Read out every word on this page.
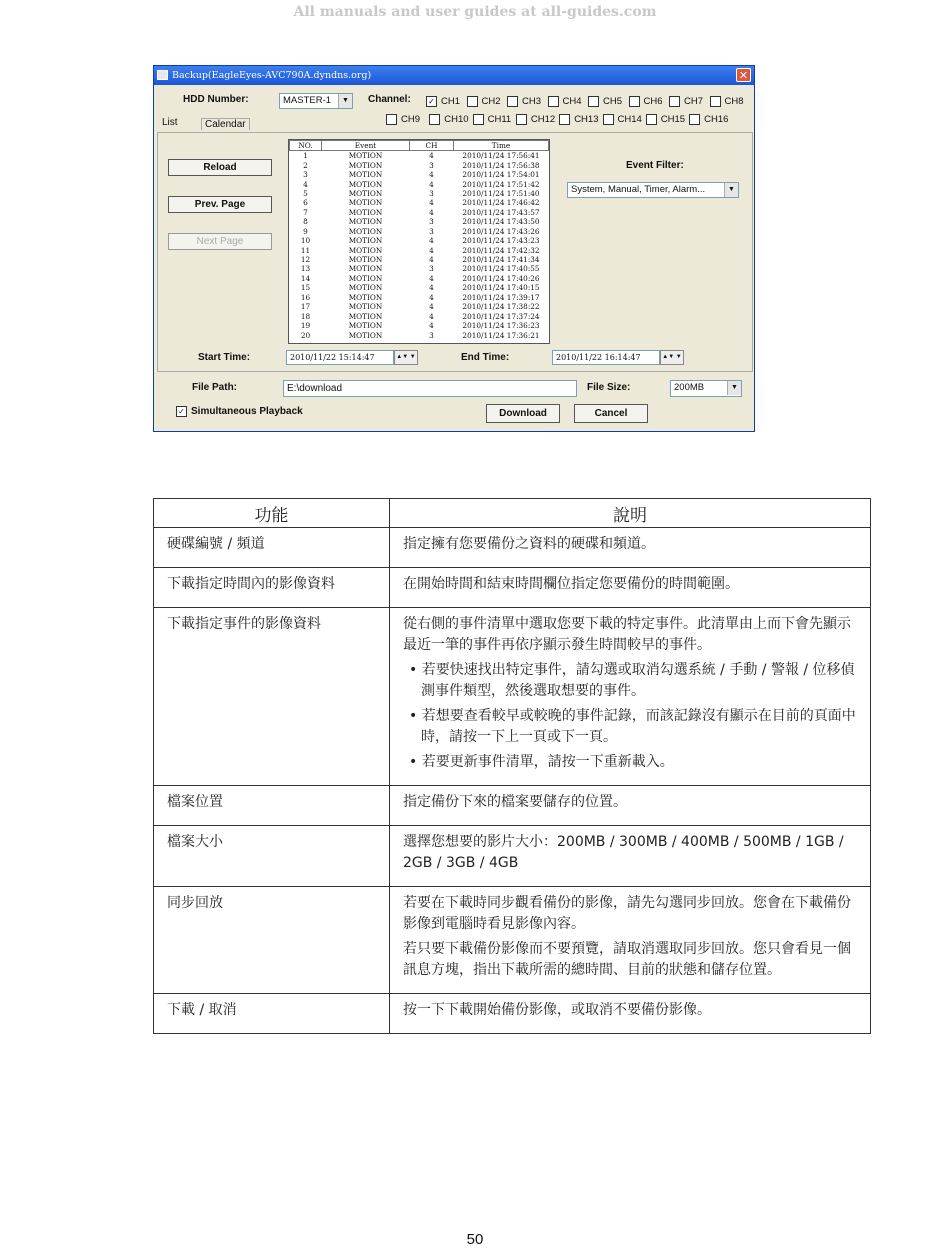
All manuals and user guides at all-guides.com
Backup(EagleEyes-AVC790A.dyndns.org)	✕
HDD Number:	MASTER-1	▼	Channel: ✓ CH1 CH2 CH3 CH4 CH5 CH6 CH7 CH8
CH9	CH10 CH11 CH12 CH13 CH14 CH15 CH16
List	Calendar
Reload
Prev. Page
Next Page
NO.	Event	CH	Time
1	MOTION	4	2010/11/24 17:56:41
2	MOTION	3	2010/11/24 17:56:38
3	MOTION	4	2010/11/24 17:54:01
4	MOTION	4	2010/11/24 17:51:42
5	MOTION	3	2010/11/24 17:51:40
6	MOTION	4	2010/11/24 17:46:42
7	MOTION	4	2010/11/24 17:43:57
8	MOTION	3	2010/11/24 17:43:50
9	MOTION	3	2010/11/24 17:43:26
10	MOTION	4	2010/11/24 17:43:23
11	MOTION	4	2010/11/24 17:42:32
12	MOTION	4	2010/11/24 17:41:34
13	MOTION	3	2010/11/24 17:40:55
14	MOTION	4	2010/11/24 17:40:26
15	MOTION	4	2010/11/24 17:40:15
16	MOTION	4	2010/11/24 17:39:17
17	MOTION	4	2010/11/24 17:38:22
18	MOTION	4	2010/11/24 17:37:24
19	MOTION	4	2010/11/24 17:36:23
20	MOTION	3	2010/11/24 17:36:21
Event Filter:
System, Manual, Timer, Alarm...	▼
Start Time:	2010/11/22 15:14:47	▲▼ ▼	End Time:	2010/11/22 16:14:47	▲▼ ▼
File Path:	E:\download	File Size:	200MB	▼
✓ Simultaneous Playback	Download	Cancel
功能	說明
硬碟編號 / 頻道	指定擁有您要備份之資料的硬碟和頻道。

下載指定時間內的影像資料	在開始時間和結束時間欄位指定您要備份的時間範圍。

下載指定事件的影像資料	從右側的事件清單中選取您要下載的特定事件。此清單由上而下會先顯示最近一筆的事件再依序顯示發生時間較早的事件。

• 若要快速找出特定事件，請勾選或取消勾選系統 / 手動 / 警報 / 位移偵測事件類型，然後選取想要的事件。
• 若想要查看較早或較晚的事件記錄，而該記錄沒有顯示在目前的頁面中時，請按一下上一頁或下一頁。
• 若要更新事件清單，請按一下重新載入。

檔案位置	指定備份下來的檔案要儲存的位置。

檔案大小	選擇您想要的影片大小：200MB / 300MB / 400MB / 500MB / 1GB / 2GB / 3GB / 4GB

同步回放	若要在下載時同步觀看備份的影像，請先勾選同步回放。您會在下載備份影像到電腦時看見影像內容。

若只要下載備份影像而不要預覽，請取消選取同步回放。您只會看見一個訊息方塊，指出下載所需的總時間、目前的狀態和儲存位置。

下載 / 取消	按一下下載開始備份影像，或取消不要備份影像。

50
